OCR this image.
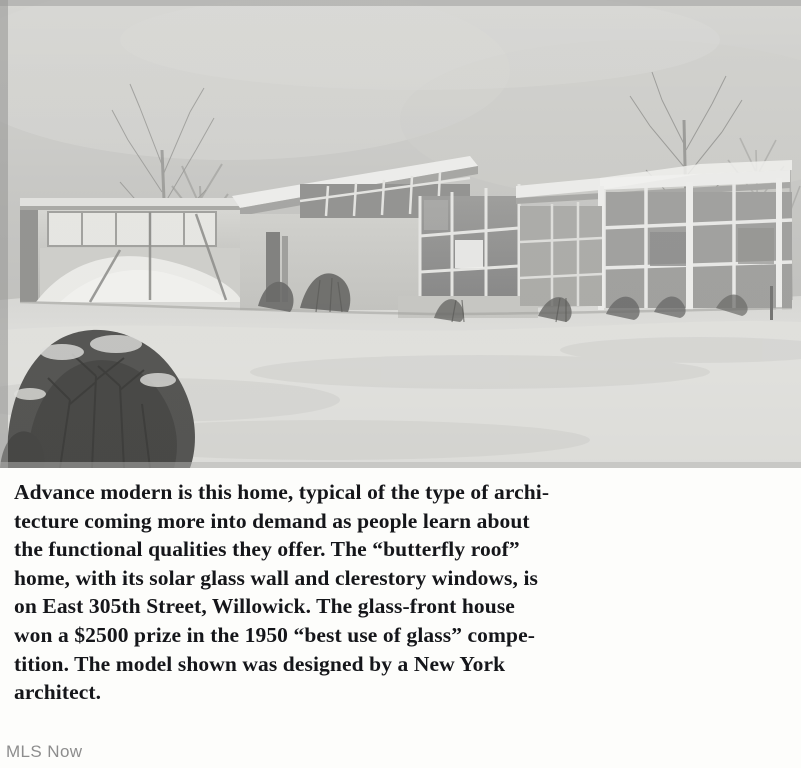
Advance modern is this home, typical of the type of archi-

tecture coming more into demand as people learn about

the functional qualities they offer. The “butterfly roof”

home, with its solar glass wall and clerestory windows, is

on East 305th Street, Willowick. The glass-front house

won a $2500 prize in the 1950 “best use of glass” compe-

tition. The model shown was designed by a New York

architect.

MLS Now
